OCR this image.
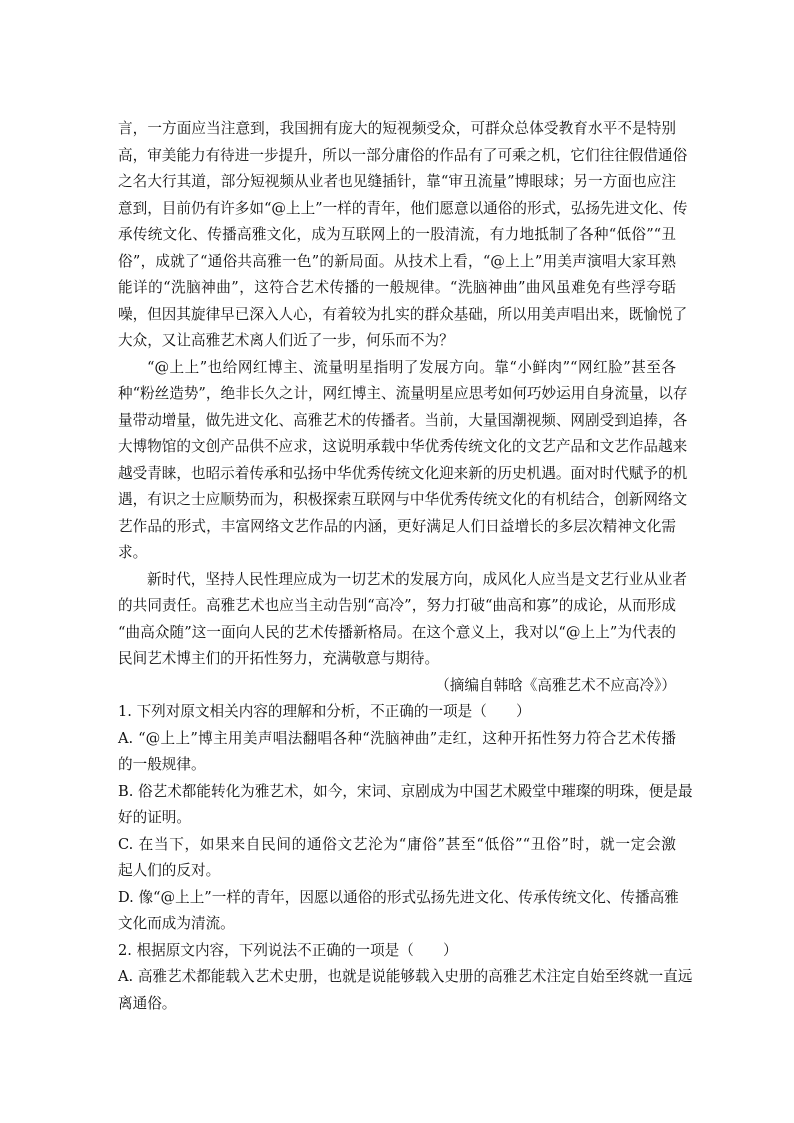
言，一方面应当注意到，我国拥有庞大的短视频受众，可群众总体受教育水平不是特别
高，审美能力有待进一步提升，所以一部分庸俗的作品有了可乘之机，它们往往假借通俗
之名大行其道，部分短视频从业者也见缝插针，靠“审丑流量”博眼球；另一方面也应注
意到，目前仍有许多如“@上上”一样的青年，他们愿意以通俗的形式，弘扬先进文化、传
承传统文化、传播高雅文化，成为互联网上的一股清流，有力地抵制了各种“低俗”“丑
俗”，成就了“通俗共高雅一色”的新局面。从技术上看，“@上上”用美声演唱大家耳熟
能详的“洗脑神曲”，这符合艺术传播的一般规律。“洗脑神曲”曲风虽难免有些浮夸聒
噪，但因其旋律早已深入人心，有着较为扎实的群众基础，所以用美声唱出来，既愉悦了
大众，又让高雅艺术离人们近了一步，何乐而不为？
“@上上”也给网红博主、流量明星指明了发展方向。靠“小鲜肉”“网红脸”甚至各
种“粉丝造势”，绝非长久之计，网红博主、流量明星应思考如何巧妙运用自身流量，以存
量带动增量，做先进文化、高雅艺术的传播者。当前，大量国潮视频、网剧受到追捧，各
大博物馆的文创产品供不应求，这说明承载中华优秀传统文化的文艺产品和文艺作品越来
越受青睐，也昭示着传承和弘扬中华优秀传统文化迎来新的历史机遇。面对时代赋予的机
遇，有识之士应顺势而为，积极探索互联网与中华优秀传统文化的有机结合，创新网络文
艺作品的形式，丰富网络文艺作品的内涵，更好满足人们日益增长的多层次精神文化需
求。
新时代，坚持人民性理应成为一切艺术的发展方向，成风化人应当是文艺行业从业者
的共同责任。高雅艺术也应当主动告别“高冷”，努力打破“曲高和寡”的成论，从而形成
“曲高众随”这一面向人民的艺术传播新格局。在这个意义上，我对以“@上上”为代表的
民间艺术博主们的开拓性努力，充满敬意与期待。
（摘编自韩晗《高雅艺术不应高冷》）
1. 下列对原文相关内容的理解和分析，不正确的一项是（　　）
A. “@上上”博主用美声唱法翻唱各种“洗脑神曲”走红，这种开拓性努力符合艺术传播
的一般规律。
B. 俗艺术都能转化为雅艺术，如今，宋词、京剧成为中国艺术殿堂中璀璨的明珠，便是最
好的证明。
C. 在当下，如果来自民间的通俗文艺沦为“庸俗”甚至“低俗”“丑俗”时，就一定会激
起人们的反对。
D. 像“@上上”一样的青年，因愿以通俗的形式弘扬先进文化、传承传统文化、传播高雅
文化而成为清流。
2. 根据原文内容，下列说法不正确的一项是（　　）
A. 高雅艺术都能载入艺术史册，也就是说能够载入史册的高雅艺术注定自始至终就一直远
离通俗。
